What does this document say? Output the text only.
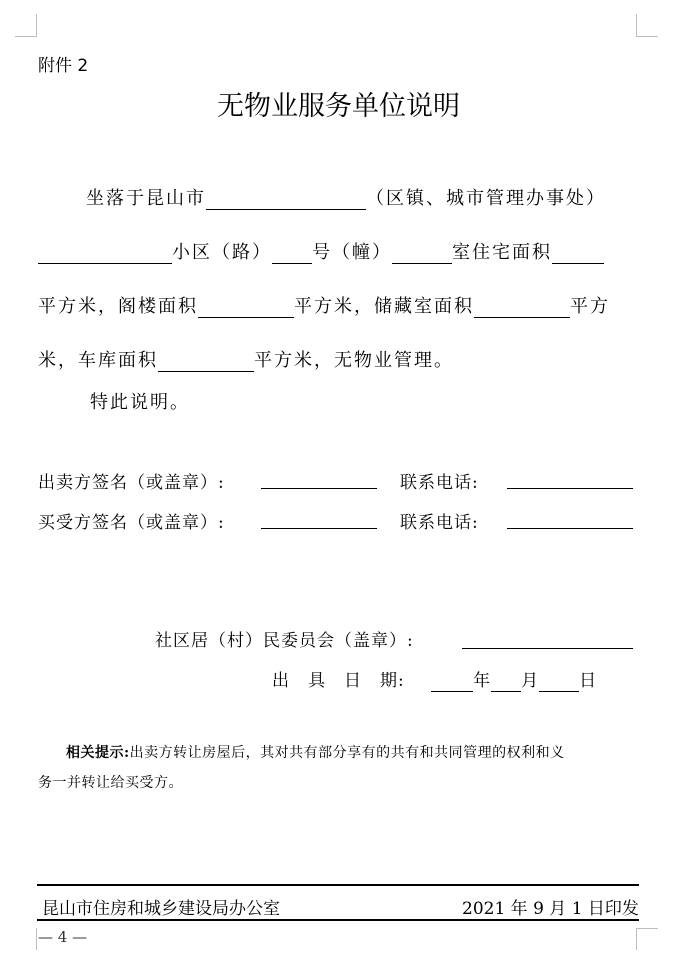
附件 2
无物业服务单位说明
坐落于昆山市	（区镇、城市管理办事处）
小区（路） 号（幢）	室住宅面积
平方米，阁楼面积	平方米，储藏室面积	平方
米，车库面积	平方米，无物业管理。
特此说明。
出卖方签名（或盖章）:	联系电话:
买受方签名（或盖章）:	联系电话:
社区居（村）民委员会（盖章）:
出　具　日　期:	年 月 日
相关提示:出卖方转让房屋后，其对共有部分享有的共有和共同管理的权利和义
务一并转让给买受方。
昆山市住房和城乡建设局办公室	2021 年 9 月 1 日印发
— 4 —
